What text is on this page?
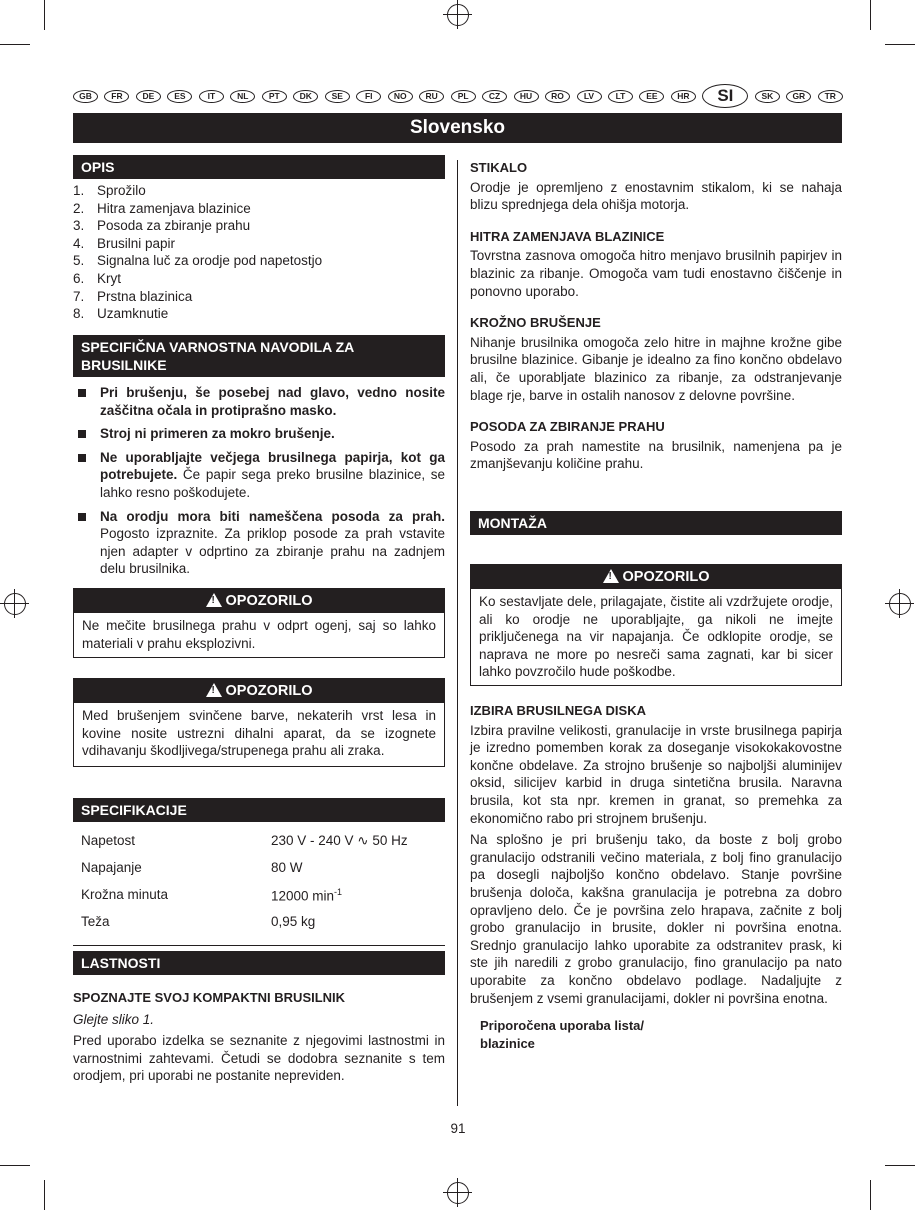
GB	FR	DE	ES	IT	NL	PT	DK	SE	FI	NO	RU	PL	CZ	HU	RO	LV	LT	EE	HR	SI	SK	GR	TR
Slovensko
OPIS
1. Sprožilo
2. Hitra zamenjava blazinice
3. Posoda za zbiranje prahu
4. Brusilni papir
5. Signalna luč za orodje pod napetostjo
6. Kryt
7. Prstna blazinica
8. Uzamknutie
SPECIFIČNA VARNOSTNA NAVODILA ZA BRUSILNIKE
Pri brušenju, še posebej nad glavo, vedno nosite zaščitna očala in protiprašno masko.
Stroj ni primeren za mokro brušenje.
Ne uporabljajte večjega brusilnega papirja, kot ga potrebujete. Če papir sega preko brusilne blazinice, se lahko resno poškodujete.
Na orodju mora biti nameščena posoda za prah. Pogosto izpraznite. Za priklop posode za prah vstavite njen adapter v odprtino za zbiranje prahu na zadnjem delu brusilnika.
!OPOZORILO
Ne mečite brusilnega prahu v odprt ogenj, saj so lahko materiali v prahu eksplozivni.
!OPOZORILO
Med brušenjem svinčene barve, nekaterih vrst lesa in kovine nosite ustrezni dihalni aparat, da se izognete vdihavanju škodljivega/strupenega prahu ali zraka.
SPECIFIKACIJE
Napetost	230 V - 240 V ∿ 50 Hz
Napajanje	80 W
Krožna minuta	12000 $\min^{-1}$
Teža	0,95 kg
LASTNOSTI
SPOZNAJTE SVOJ KOMPAKTNI BRUSILNIK
Glejte sliko 1.
Pred uporabo izdelka se seznanite z njegovimi lastnostmi in varnostnimi zahtevami. Četudi se dodobra seznanite s tem orodjem, pri uporabi ne postanite nepreviden.
STIKALO
Orodje je opremljeno z enostavnim stikalom, ki se nahaja blizu sprednjega dela ohišja motorja.
HITRA ZAMENJAVA BLAZINICE
Tovrstna zasnova omogoča hitro menjavo brusilnih papirjev in blazinic za ribanje. Omogoča vam tudi enostavno čiščenje in ponovno uporabo.
KROŽNO BRUŠENJE
Nihanje brusilnika omogoča zelo hitre in majhne krožne gibe brusilne blazinice. Gibanje je idealno za fino končno obdelavo ali, če uporabljate blazinico za ribanje, za odstranjevanje blage rje, barve in ostalih nanosov z delovne površine.
POSODA ZA ZBIRANJE PRAHU
Posodo za prah namestite na brusilnik, namenjena pa je zmanjševanju količine prahu.
MONTAŽA
!OPOZORILO
Ko sestavljate dele, prilagajate, čistite ali vzdržujete orodje, ali ko orodje ne uporabljajte, ga nikoli ne imejte priključenega na vir napajanja. Če odklopite orodje, se naprava ne more po nesreči sama zagnati, kar bi sicer lahko povzročilo hude poškodbe.
IZBIRA BRUSILNEGA DISKA
Izbira pravilne velikosti, granulacije in vrste brusilnega papirja je izredno pomemben korak za doseganje visokokakovostne končne obdelave. Za strojno brušenje so najboljši aluminijev oksid, silicijev karbid in druga sintetična brusila. Naravna brusila, kot sta npr. kremen in granat, so premehka za ekonomično rabo pri strojnem brušenju.
Na splošno je pri brušenju tako, da boste z bolj grobo granulacijo odstranili večino materiala, z bolj fino granulacijo pa dosegli najboljšo končno obdelavo. Stanje površine brušenja določa, kakšna granulacija je potrebna za dobro opravljeno delo. Če je površina zelo hrapava, začnite z bolj grobo granulacijo in brusite, dokler ni površina enotna. Srednjo granulacijo lahko uporabite za odstranitev prask, ki ste jih naredili z grobo granulacijo, fino granulacijo pa nato uporabite za končno obdelavo podlage. Nadaljujte z brušenjem z vsemi granulacijami, dokler ni površina enotna.
Priporočena uporaba lista/ blazinice
91
